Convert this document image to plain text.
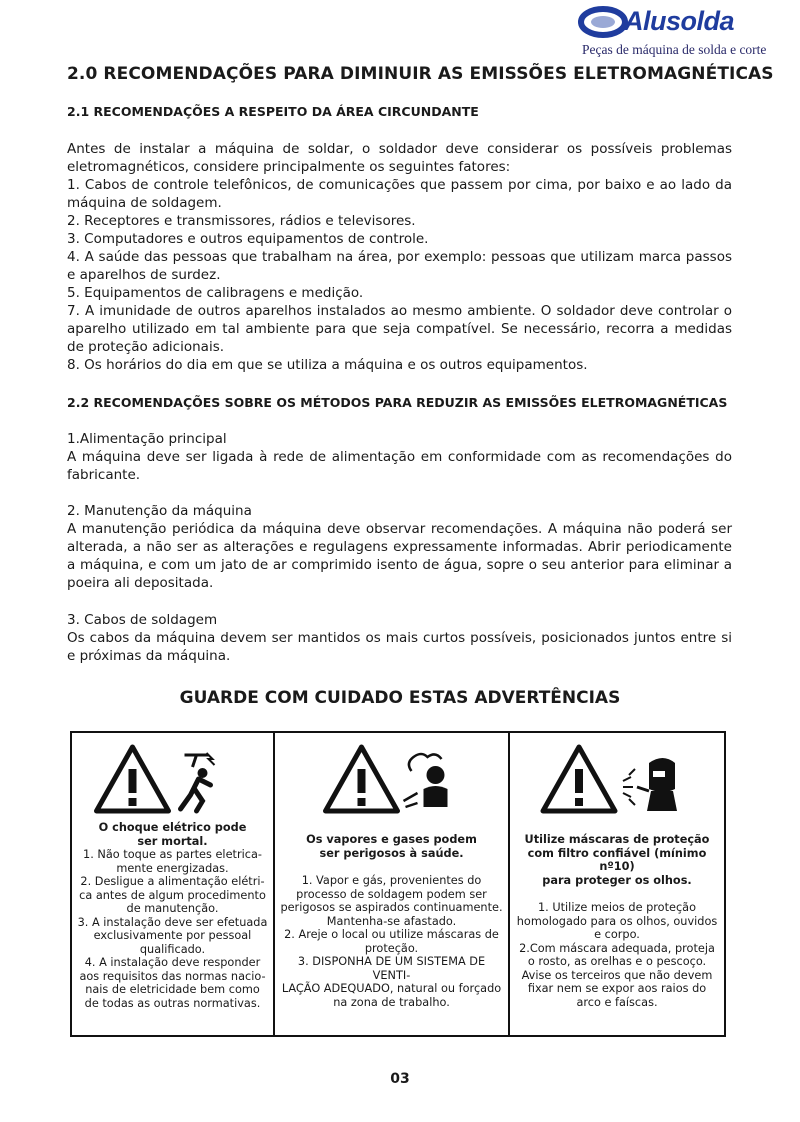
Alusolda
Peças de máquina de solda e corte
2.0 RECOMENDAÇÕES PARA DIMINUIR AS EMISSÕES ELETROMAGNÉTICAS
2.1 RECOMENDAÇÕES A RESPEITO DA ÁREA CIRCUNDANTE

Antes de instalar a máquina de soldar, o soldador deve considerar os possíveis problemas eletromagnéticos, considere principalmente os seguintes fatores:

1. Cabos de controle telefônicos, de comunicações que passem por cima, por baixo e ao lado da máquina de soldagem.

2. Receptores e transmissores, rádios e televisores.

3. Computadores e outros equipamentos de controle.

4. A saúde das pessoas que trabalham na área, por exemplo: pessoas que utilizam marca passos e aparelhos de surdez.

5. Equipamentos de calibragens e medição.

7. A imunidade de outros aparelhos instalados ao mesmo ambiente. O soldador deve controlar o aparelho utilizado em tal ambiente para que seja compatível. Se necessário, recorra a medidas de proteção adicionais.

8. Os horários do dia em que se utiliza a máquina e os outros equipamentos.

2.2 RECOMENDAÇÕES SOBRE OS MÉTODOS PARA REDUZIR AS EMISSÕES ELETROMAGNÉTICAS

1.Alimentação principal

A máquina deve ser ligada à rede de alimentação em conformidade com as recomendações do fabricante.

2. Manutenção da máquina

A manutenção periódica da máquina deve observar recomendações. A máquina não poderá ser alterada, a não ser as alterações e regulagens expressamente informadas. Abrir periodicamente a máquina, e com um jato de ar comprimido isento de água, sopre o seu anterior para eliminar a poeira ali depositada.

3. Cabos de soldagem

Os cabos da máquina devem ser mantidos os mais curtos possíveis, posicionados juntos entre si e próximas da máquina.

GUARDE COM CUIDADO ESTAS ADVERTÊNCIAS
O choque elétrico pode
ser mortal.
1. Não toque as partes eletrica-
mente energizadas.
2. Desligue a alimentação elétri-
ca antes de algum procedimento
de manutenção.
3. A instalação deve ser efetuada
exclusivamente por pessoal
qualificado.
4. A instalação deve responder
aos requisitos das normas nacio-
nais de eletricidade bem como
de todas as outras normativas.
Os vapores e gases podem
ser perigosos à saúde.
1. Vapor e gás, provenientes do
processo de soldagem podem ser
perigosos se aspirados continuamente.
Mantenha-se afastado.
2. Areje o local ou utilize máscaras de
proteção.
3. DISPONHA DE UM SISTEMA DE VENTI-
LAÇÃO ADEQUADO, natural ou forçado
na zona de trabalho.
Utilize máscaras de proteção
com filtro confiável (mínimo nº10)
para proteger os olhos.
1. Utilize meios de proteção
homologado para os olhos, ouvidos
e corpo.
2.Com máscara adequada, proteja
o rosto, as orelhas e o pescoço.
Avise os terceiros que não devem
fixar nem se expor aos raios do
arco e faíscas.
03
